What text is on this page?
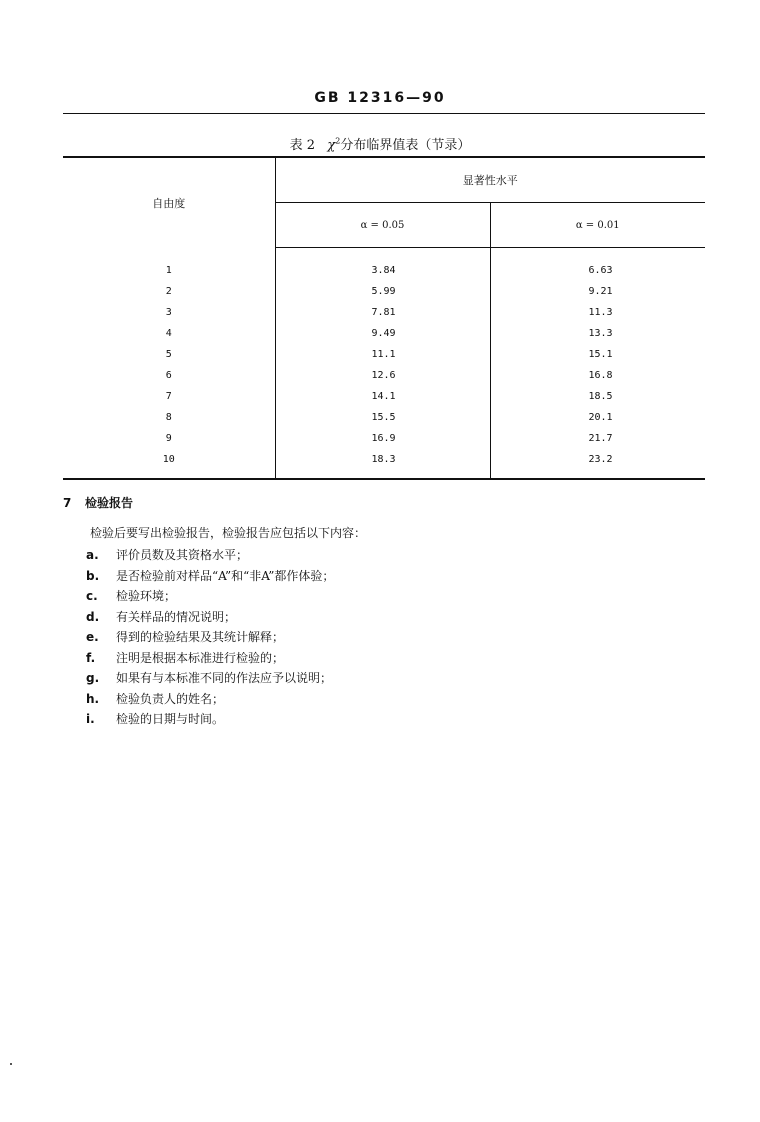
GB 12316—90
表 2 $\chi^2$分布临界值表（节录）
自由度	显著性水平	
	α = 0.05	α = 0.01
1	3.84	6.63
2	5.99	9.21
3	7.81	11.3
4	9.49	13.3
5	11.1	15.1
6	12.6	16.8
7	14.1	18.5
8	15.5	20.1
9	16.9	21.7
10	18.3	23.2
7 检验报告
检验后要写出检验报告，检验报告应包括以下内容：
a. 评价员数及其资格水平；
b. 是否检验前对样品“A”和“非A”都作体验；
c. 检验环境；
d. 有关样品的情况说明；
e. 得到的检验结果及其统计解释；
f. 注明是根据本标准进行检验的；
g. 如果有与本标准不同的作法应予以说明；
h. 检验负责人的姓名；
i. 检验的日期与时间。
